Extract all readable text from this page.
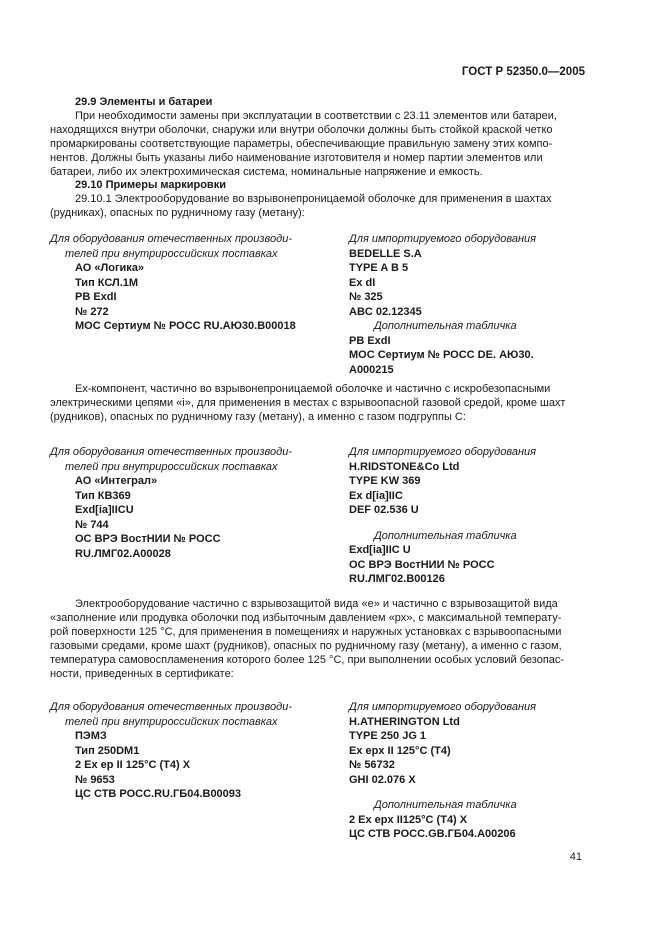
ГОСТ Р 52350.0—2005
29.9 Элементы и батареи
При необходимости замены при эксплуатации в соответствии с 23.11 элементов или батареи,
находящихся внутри оболочки, снаружи или внутри оболочки должны быть стойкой краской четко
промаркированы соответствующие параметры, обеспечивающие правильную замену этих компо-
нентов. Должны быть указаны либо наименование изготовителя и номер партии элементов или
батареи, либо их электрохимическая система, номинальные напряжение и емкость.
29.10 Примеры маркировки
29.10.1 Электрооборудование во взрывонепроницаемой оболочке для применения в шахтах
(рудниках), опасных по рудничному газу (метану):
Для оборудования отечественных производи-
телей при внутрироссийских поставках
АО «Логика»
Тип КСЛ.1М
PB ExdI
№ 272
МОС Сертиум № РОСС RU.АЮ30.В00018
Для импортируемого оборудования
BEDELLE S.A
TYPE A B 5
Ex dI
№ 325
ABC 02.12345
Дополнительная табличка
PB ExdI
МОС Сертиум № РОСС DE. АЮ30.
A000215
Ех-компонент, частично во взрывонепроницаемой оболочке и частично с искробезопасными
электрическими цепями «i», для применения в местах с взрывоопасной газовой средой, кроме шахт
(рудников), опасных по рудничному газу (метану), а именно с газом подгруппы С:
Для оборудования отечественных производи-
телей при внутрироссийских поставках
АО «Интеграл»
Тип КВ369
Exd[ia]IICU
№ 744
ОС ВРЭ ВостНИИ № РОСС
RU.ЛМГ02.А00028
Для импортируемого оборудования
H.RIDSTONE&Co Ltd
TYPE KW 369
Ex d[ia]IIC
DEF 02.536 U
Дополнительная табличка
Exd[ia]IIC U
ОС ВРЭ ВостНИИ № РОСС
RU.ЛМГ02.В00126
Электрооборудование частично с взрывозащитой вида «е» и частично с взрывозащитой вида
«заполнение или продувка оболочки под избыточным давлением «рх», с максимальной температу-
рой поверхности 125 °С, для применения в помещениях и наружных установках с взрывоопасными
газовыми средами, кроме шахт (рудников), опасных по рудничному газу (метану), а именно с газом,
температура самовоспламенения которого более 125 °С, при выполнении особых условий безопас-
ности, приведенных в сертификате:
Для оборудования отечественных производи-
телей при внутрироссийских поставках
ПЭМЗ
Тип 250DM1
2 Ex ep II 125°C (T4) X
№ 9653
ЦС СТВ РОСС.RU.ГБ04.В00093
Для импортируемого оборудования
H.ATHERINGTON Ltd
TYPE 250 JG 1
Ex epx II 125°C (T4)
№ 56732
GHI 02.076 X
Дополнительная табличка
2 Ex epx II125°C (T4) X
ЦС СТВ РОСС.GB.ГБ04.А00206
41
